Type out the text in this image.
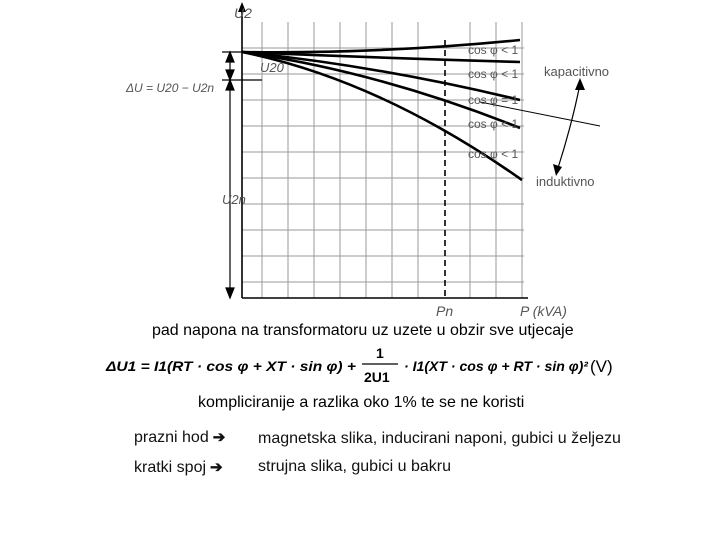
U2
U20
ΔU = U20 − U2n
U2n
Pn	P (kVA)
cos φ < 1
cos φ < 1
cos φ = 1
cos φ < 1
cos φ < 1
kapacitivno
induktivno
pad napona na transformatoru uz uzete u obzir sve utjecaje
ΔU1 = I1(RT · cos φ + XT · sin φ) +
1
2U1
· I1(XT · cos φ + RT · sin φ)² (V)
kompliciranije a razlika oko 1% te se ne koristi
prazni hod ➔ magnetska slika, inducirani naponi, gubici u željezu
kratki spoj ➔ strujna slika, gubici u bakru
